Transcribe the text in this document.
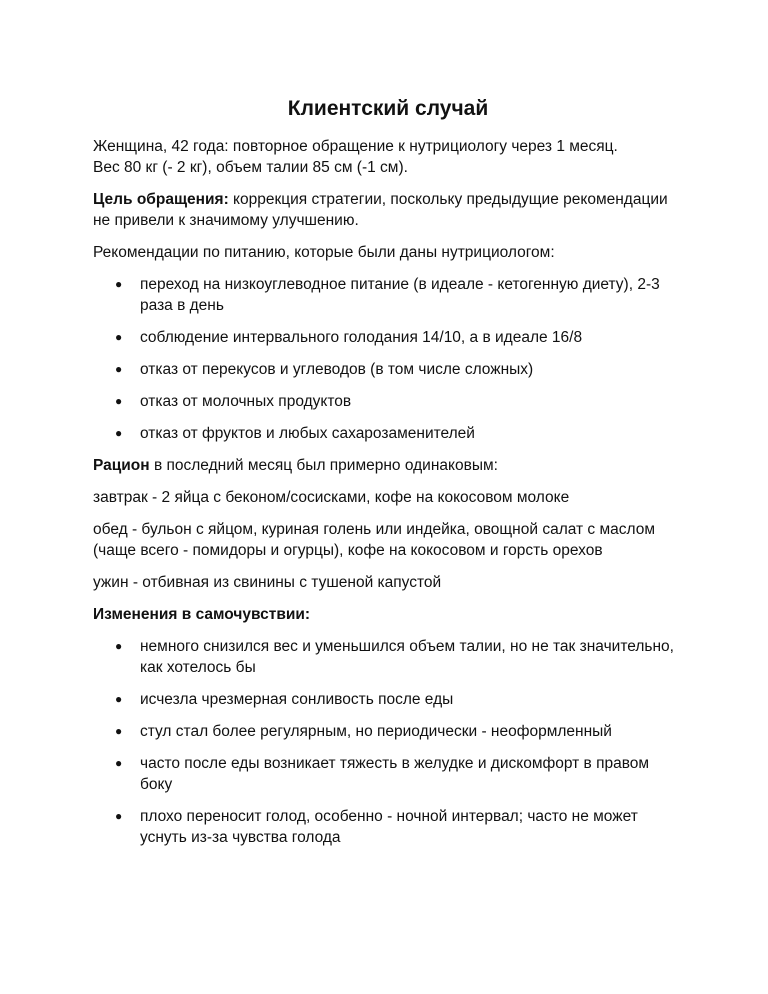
Клиентский случай

Женщина, 42 года: повторное обращение к нутрициологу через 1 месяц.
Вес 80 кг (- 2 кг), объем талии 85 см (-1 см).

Цель обращения: коррекция стратегии, поскольку предыдущие рекомендации не привели к значимому улучшению.

Рекомендации по питанию, которые были даны нутрициологом:

● переход на низкоуглеводное питание (в идеале - кетогенную диету), 2-3 раза в день
● соблюдение интервального голодания 14/10, а в идеале 16/8
● отказ от перекусов и углеводов (в том числе сложных)
● отказ от молочных продуктов
● отказ от фруктов и любых сахарозаменителей

Рацион в последний месяц был примерно одинаковым:

завтрак - 2 яйца с беконом/сосисками, кофе на кокосовом молоке

обед - бульон с яйцом, куриная голень или индейка, овощной салат с маслом (чаще всего - помидоры и огурцы), кофе на кокосовом и горсть орехов

ужин - отбивная из свинины с тушеной капустой

Изменения в самочувствии:

● немного снизился вес и уменьшился объем талии, но не так значительно, как хотелось бы
● исчезла чрезмерная сонливость после еды
● стул стал более регулярным, но периодически - неоформленный
● часто после еды возникает тяжесть в желудке и дискомфорт в правом боку
● плохо переносит голод, особенно - ночной интервал; часто не может уснуть из-за чувства голода
